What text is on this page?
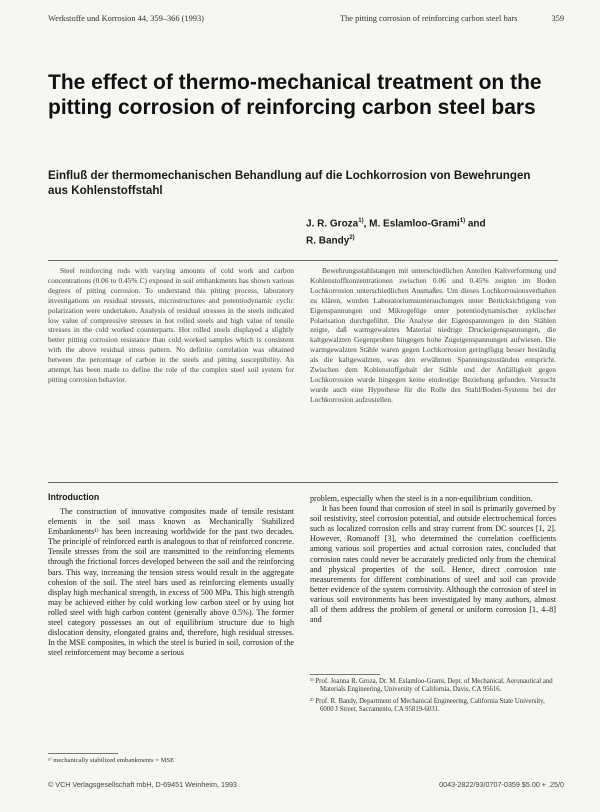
Werkstoffe und Korrosion 44, 359–366 (1993)	The pitting corrosion of reinforcing carbon steel bars	359
The effect of thermo-mechanical treatment on the pitting corrosion of reinforcing carbon steel bars
Einfluß der thermomechanischen Behandlung auf die Lochkorrosion von Bewehrungen aus Kohlenstoffstahl
J. R. Groza$^{1)}$, M. Eslamloo-Grami$^{1)}$ and
R. Bandy$^{2)}$

Steel reinforcing rods with varying amounts of cold work and carbon concentrations (0.06 to 0.45% C) exposed in soil embankments has shown various degrees of pitting corrosion. To understand this pitting process, laboratory investigations on residual stresses, microstructures and potentiodynamic cyclic polarization were undertaken. Analysis of residual stresses in the steels indicated low value of compressive stresses in hot rolled steels and high value of tensile stresses in the cold worked counterparts. Hot rolled steels displayed a slightly better pitting corrosion resistance than cold worked samples which is consistent with the above residual stress pattern. No definite correlation was obtained between the percentage of carbon in the steels and pitting susceptibility. An attempt has been made to define the role of the complex steel soil system for pitting corrosion behavior.

Bewehrungsstahlstangen mit unterschiedlichen Anteilen Kaltverformung und Kohlenstoffkonzentrationen zwischen 0.06 und 0.45% zeigten im Boden Lochkorrosion unterschiedlichen Ausmaßes. Um dieses Lochkorrosionsverhalten zu klären, wurden Laboratoriumsuntersuchungen unter Berücksichtigung von Eigenspannungen und Mikrogefüge unter potentiodynamischer zyklischer Polarisation durchgeführt. Die Analyse der Eigenspannungen in den Stählen zeigte, daß warmgewalztes Material niedrige Druckeigenspannungen, die kaltgewalzten Gegenproben hingegen hohe Zugeigenspannungen aufwiesen. Die warmgewalzten Stähle waren gegen Lochkorrosion geringfügig besser beständig als die kaltgewalzten, was den erwähnten Spannungszuständen entspricht. Zwischen dem Kohlenstoffgehalt der Stähle und der Anfälligkeit gegen Lochkorrosion wurde hingegen keine eindeutige Beziehung gefunden. Versucht wurde auch eine Hypothese für die Rolle des Stahl/Boden-Systems bei der Lochkorrosion aufzustellen.

Introduction

The construction of innovative composites made of tensile resistant elements in the soil mass known as Mechanically Stabilized Embankments¹⁾ has been increasing worldwide for the past two decades. The principle of reinforced earth is analogous to that of reinforced concrete. Tensile stresses from the soil are transmitted to the reinforcing elements through the frictional forces developed between the soil and the reinforcing bars. This way, increasing the tension stress would result in the aggregate cohesion of the soil. The steel bars used as reinforcing elements usually display high mechanical strength, in excess of 500 MPa. This high strength may be achieved either by cold working low carbon steel or by using hot rolled steel with high carbon content (generally above 0.5%). The former steel category possesses an out of equilibrium structure due to high dislocation density, elongated grains and, therefore, high residual stresses. In the MSE composites, in which the steel is buried in soil, corrosion of the steel reinforcement may become a serious

problem, especially when the steel is in a non-equilibrium condition.

It has been found that corrosion of steel in soil is primarily governed by soil resistivity, steel corrosion potential, and outside electrochemical forces such as localized corrosion cells and stray current from DC sources [1, 2]. However, Romanoff [3], who determined the correlation coefficients among various soil properties and actual corrosion rates, concluded that corrosion rates could never be accurately predicted only from the chemical and physical properties of the soil. Hence, direct corrosion rate measurements for different combinations of steel and soil can provide better evidence of the system corrosivity. Although the corrosion of steel in various soil environments has been investigated by many authors, almost all of them address the problem of general or uniform corrosion [1, 4–8] and

¹⁾ mechanically stabilized embankments = MSE

¹⁾ Prof. Joanna R. Groza, Dr. M. Eslamloo-Grami, Dept. of Mechanical, Aeronautical and Materials Engineering, University of California, Davis, CA 95616.

²⁾ Prof. R. Bandy, Department of Mechanical Engineering, California State University, 6000 J Street, Sacramento, CA 95819-6031.

© VCH Verlagsgesellschaft mbH, D-69451 Weinheim, 1993	0043-2822/93/0707-0359 $5.00 + .25/0
